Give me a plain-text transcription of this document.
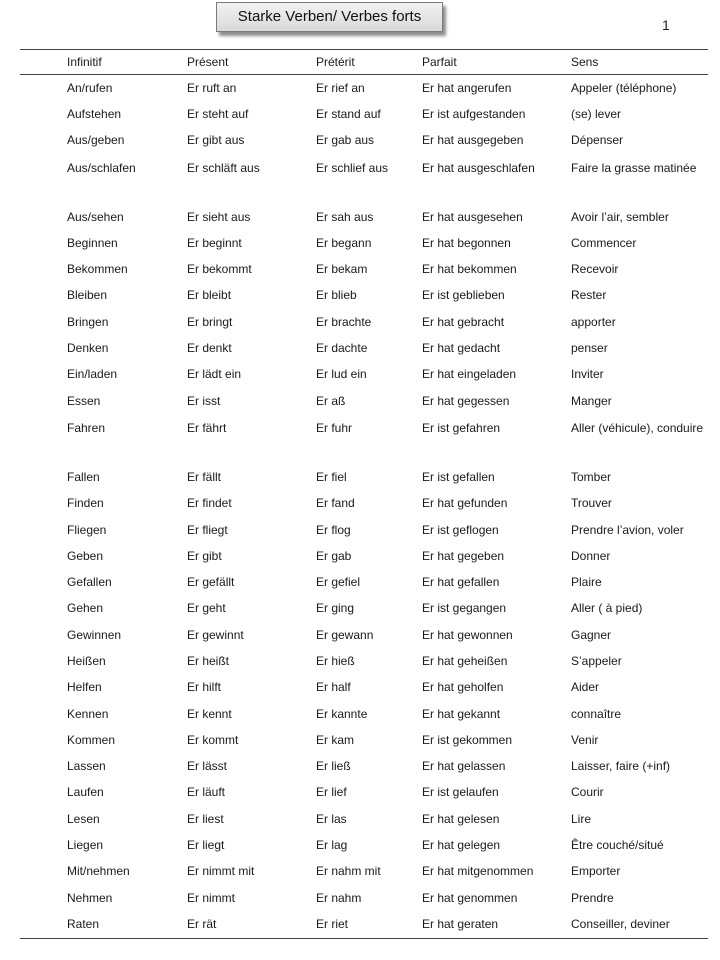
Starke Verben/ Verbes forts	1
Infinitif	Présent	Prétérit	Parfait	Sens
An/rufen	Er ruft an	Er rief an	Er hat angerufen	Appeler (téléphone)
Aufstehen	Er steht auf	Er stand auf	Er ist aufgestanden	(se) lever
Aus/geben	Er gibt aus	Er gab aus	Er hat ausgegeben	Dépenser
Aus/schlafen	Er schläft aus	Er schlief aus	Er hat ausgeschlafen	Faire la grasse matinée
Aus/sehen	Er sieht aus	Er sah aus	Er hat ausgesehen	Avoir l’air, sembler
Beginnen	Er beginnt	Er begann	Er hat begonnen	Commencer
Bekommen	Er bekommt	Er bekam	Er hat bekommen	Recevoir
Bleiben	Er bleibt	Er blieb	Er ist geblieben	Rester
Bringen	Er bringt	Er brachte	Er hat gebracht	apporter
Denken	Er denkt	Er dachte	Er hat gedacht	penser
Ein/laden	Er lädt ein	Er lud ein	Er hat eingeladen	Inviter
Essen	Er isst	Er aß	Er hat gegessen	Manger
Fahren	Er fährt	Er fuhr	Er ist gefahren	Aller (véhicule), conduire
Fallen	Er fällt	Er fiel	Er ist gefallen	Tomber
Finden	Er findet	Er fand	Er hat gefunden	Trouver
Fliegen	Er fliegt	Er flog	Er ist geflogen	Prendre l’avion, voler
Geben	Er gibt	Er gab	Er hat gegeben	Donner
Gefallen	Er gefällt	Er gefiel	Er hat gefallen	Plaire
Gehen	Er geht	Er ging	Er ist gegangen	Aller ( à pied)
Gewinnen	Er gewinnt	Er gewann	Er hat gewonnen	Gagner
Heißen	Er heißt	Er hieß	Er hat geheißen	S’appeler
Helfen	Er hilft	Er half	Er hat geholfen	Aider
Kennen	Er kennt	Er kannte	Er hat gekannt	connaître
Kommen	Er kommt	Er kam	Er ist gekommen	Venir
Lassen	Er lässt	Er ließ	Er hat gelassen	Laisser, faire (+inf)
Laufen	Er läuft	Er lief	Er ist gelaufen	Courir
Lesen	Er liest	Er las	Er hat gelesen	Lire
Liegen	Er liegt	Er lag	Er hat gelegen	Être couché/situé
Mit/nehmen	Er nimmt mit	Er nahm mit	Er hat mitgenommen	Emporter
Nehmen	Er nimmt	Er nahm	Er hat genommen	Prendre
Raten	Er rät	Er riet	Er hat geraten	Conseiller, deviner
